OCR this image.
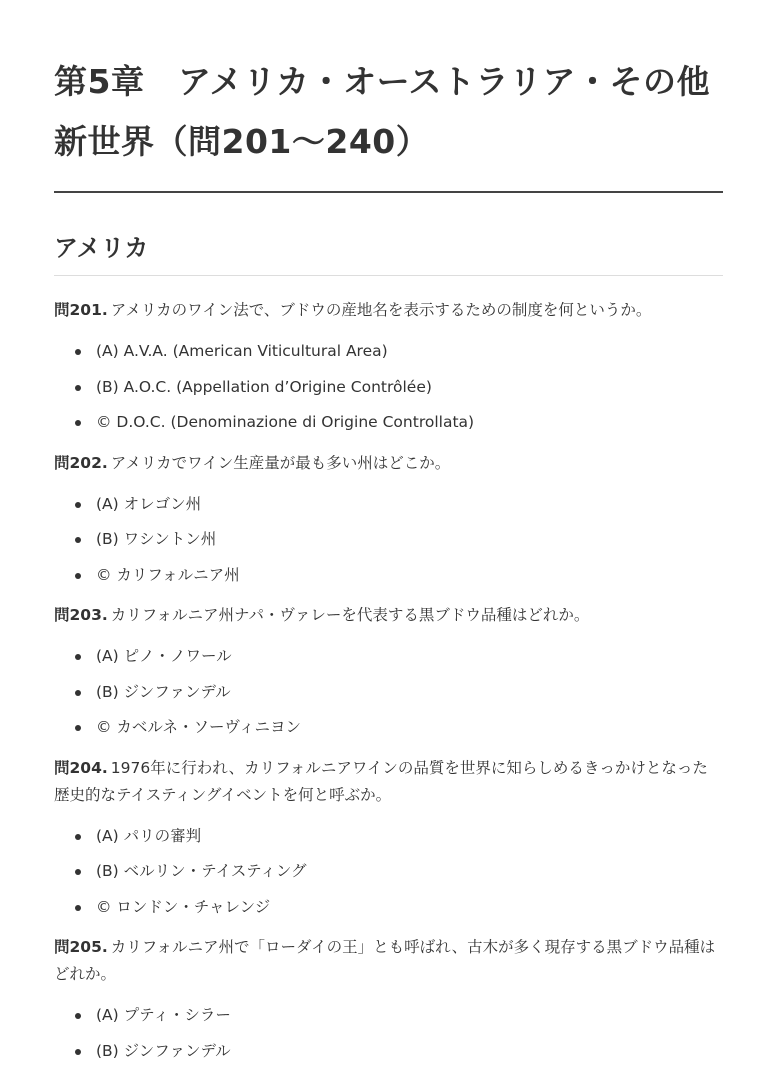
第5章　アメリカ・オーストラリア・その他
新世界（問201〜240）
アメリカ

問201. アメリカのワイン法で、ブドウの産地名を表示するための制度を何というか。

(A) A.V.A. (American Viticultural Area)
(B) A.O.C. (Appellation d’Origine Contrôlée)
© D.O.C. (Denominazione di Origine Controllata)

問202. アメリカでワイン生産量が最も多い州はどこか。

(A) オレゴン州
(B) ワシントン州
© カリフォルニア州

問203. カリフォルニア州ナパ・ヴァレーを代表する黒ブドウ品種はどれか。

(A) ピノ・ノワール
(B) ジンファンデル
© カベルネ・ソーヴィニヨン

問204. 1976年に行われ、カリフォルニアワインの品質を世界に知らしめるきっかけとなった歴史的なテイスティングイベントを何と呼ぶか。

(A) パリの審判
(B) ベルリン・テイスティング
© ロンドン・チャレンジ

問205. カリフォルニア州で「ローダイの王」とも呼ばれ、古木が多く現存する黒ブドウ品種はどれか。

(A) プティ・シラー
(B) ジンファンデル
